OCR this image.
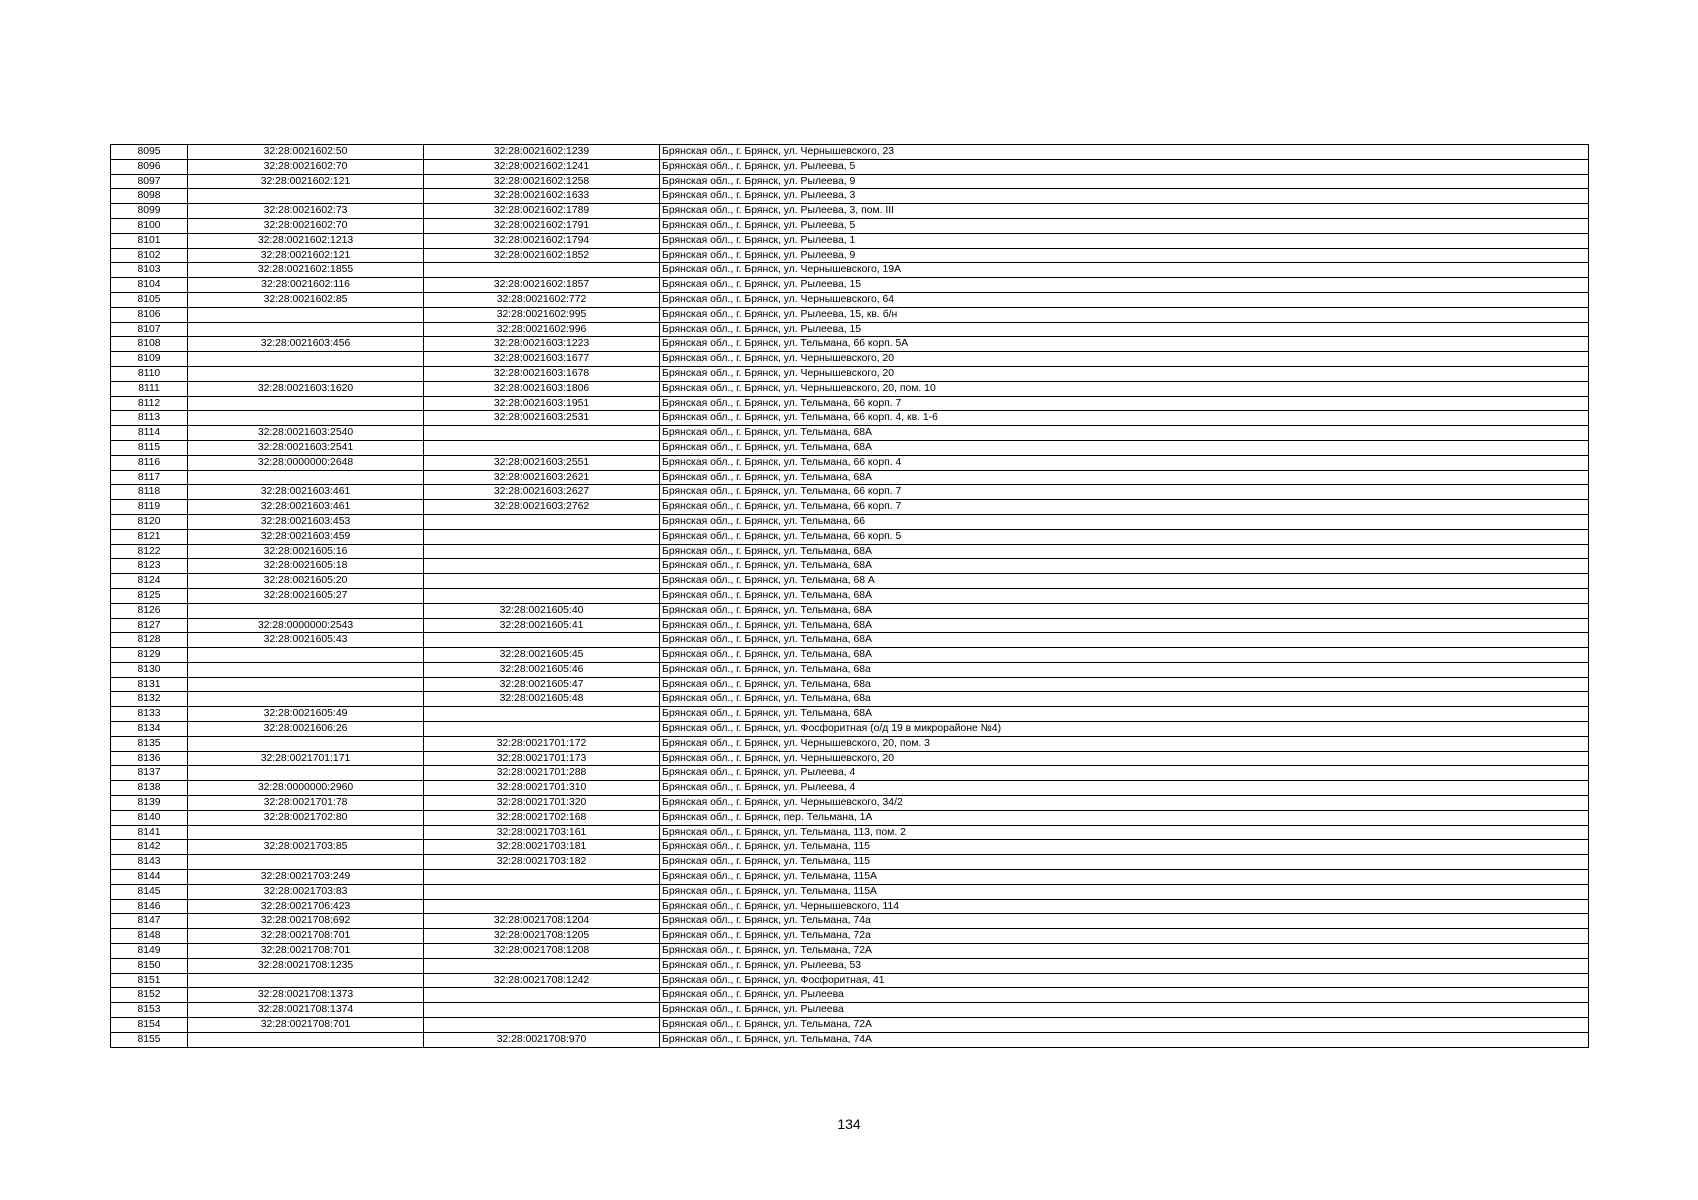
8095	32:28:0021602:50	32:28:0021602:1239	Брянская обл., г. Брянск, ул. Чернышевского, 23
8096	32:28:0021602:70	32:28:0021602:1241	Брянская обл., г. Брянск, ул. Рылеева, 5
8097	32:28:0021602:121	32:28:0021602:1258	Брянская обл., г. Брянск, ул. Рылеева, 9
8098		32:28:0021602:1633	Брянская обл., г. Брянск, ул. Рылеева, 3
8099	32:28:0021602:73	32:28:0021602:1789	Брянская обл., г. Брянск, ул. Рылеева, 3, пом. III
8100	32:28:0021602:70	32:28:0021602:1791	Брянская обл., г. Брянск, ул. Рылеева, 5
8101	32:28:0021602:1213	32:28:0021602:1794	Брянская обл., г. Брянск, ул. Рылеева, 1
8102	32:28:0021602:121	32:28:0021602:1852	Брянская обл., г. Брянск, ул. Рылеева, 9
8103	32:28:0021602:1855		Брянская обл., г. Брянск, ул. Чернышевского, 19А
8104	32:28:0021602:116	32:28:0021602:1857	Брянская обл., г. Брянск, ул. Рылеева, 15
8105	32:28:0021602:85	32:28:0021602:772	Брянская обл., г. Брянск, ул. Чернышевского, 64
8106		32:28:0021602:995	Брянская обл., г. Брянск, ул. Рылеева, 15, кв. б/н
8107		32:28:0021602:996	Брянская обл., г. Брянск, ул. Рылеева, 15
8108	32:28:0021603:456	32:28:0021603:1223	Брянская обл., г. Брянск, ул. Тельмана, 66 корп. 5А
8109		32:28:0021603:1677	Брянская обл., г. Брянск, ул. Чернышевского, 20
8110		32:28:0021603:1678	Брянская обл., г. Брянск, ул. Чернышевского, 20
8111	32:28:0021603:1620	32:28:0021603:1806	Брянская обл., г. Брянск, ул. Чернышевского, 20, пом. 10
8112		32:28:0021603:1951	Брянская обл., г. Брянск, ул. Тельмана, 66 корп. 7
8113		32:28:0021603:2531	Брянская обл., г. Брянск, ул. Тельмана, 66 корп. 4, кв. 1-6
8114	32:28:0021603:2540		Брянская обл., г. Брянск, ул. Тельмана, 68А
8115	32:28:0021603:2541		Брянская обл., г. Брянск, ул. Тельмана, 68А
8116	32:28:0000000:2648	32:28:0021603:2551	Брянская обл., г. Брянск, ул. Тельмана, 66 корп. 4
8117		32:28:0021603:2621	Брянская обл., г. Брянск, ул. Тельмана, 68А
8118	32:28:0021603:461	32:28:0021603:2627	Брянская обл., г. Брянск, ул. Тельмана, 66 корп. 7
8119	32:28:0021603:461	32:28:0021603:2762	Брянская обл., г. Брянск, ул. Тельмана, 66 корп. 7
8120	32:28:0021603:453		Брянская обл., г. Брянск, ул. Тельмана, 66
8121	32:28:0021603:459		Брянская обл., г. Брянск, ул. Тельмана, 66 корп. 5
8122	32:28:0021605:16		Брянская обл., г. Брянск, ул. Тельмана, 68А
8123	32:28:0021605:18		Брянская обл., г. Брянск, ул. Тельмана, 68А
8124	32:28:0021605:20		Брянская обл., г. Брянск, ул. Тельмана, 68 А
8125	32:28:0021605:27		Брянская обл., г. Брянск, ул. Тельмана, 68А
8126		32:28:0021605:40	Брянская обл., г. Брянск, ул. Тельмана, 68А
8127	32:28:0000000:2543	32:28:0021605:41	Брянская обл., г. Брянск, ул. Тельмана, 68А
8128	32:28:0021605:43		Брянская обл., г. Брянск, ул. Тельмана, 68А
8129		32:28:0021605:45	Брянская обл., г. Брянск, ул. Тельмана, 68А
8130		32:28:0021605:46	Брянская обл., г. Брянск, ул. Тельмана, 68а
8131		32:28:0021605:47	Брянская обл., г. Брянск, ул. Тельмана, 68а
8132		32:28:0021605:48	Брянская обл., г. Брянск, ул. Тельмана, 68а
8133	32:28:0021605:49		Брянская обл., г. Брянск, ул. Тельмана, 68А
8134	32:28:0021606:26		Брянская обл., г. Брянск, ул. Фосфоритная (о/д 19 в микрорайоне №4)
8135		32:28:0021701:172	Брянская обл., г. Брянск, ул. Чернышевского, 20, пом. 3
8136	32:28:0021701:171	32:28:0021701:173	Брянская обл., г. Брянск, ул. Чернышевского, 20
8137		32:28:0021701:288	Брянская обл., г. Брянск, ул. Рылеева, 4
8138	32:28:0000000:2960	32:28:0021701:310	Брянская обл., г. Брянск, ул. Рылеева, 4
8139	32:28:0021701:78	32:28:0021701:320	Брянская обл., г. Брянск, ул. Чернышевского, 34/2
8140	32:28:0021702:80	32:28:0021702:168	Брянская обл., г. Брянск, пер. Тельмана, 1А
8141		32:28:0021703:161	Брянская обл., г. Брянск, ул. Тельмана, 113, пом. 2
8142	32:28:0021703:85	32:28:0021703:181	Брянская обл., г. Брянск, ул. Тельмана, 115
8143		32:28:0021703:182	Брянская обл., г. Брянск, ул. Тельмана, 115
8144	32:28:0021703:249		Брянская обл., г. Брянск, ул. Тельмана, 115А
8145	32:28:0021703:83		Брянская обл., г. Брянск, ул. Тельмана, 115А
8146	32:28:0021706:423		Брянская обл., г. Брянск, ул. Чернышевского, 114
8147	32:28:0021708:692	32:28:0021708:1204	Брянская обл., г. Брянск, ул. Тельмана, 74а
8148	32:28:0021708:701	32:28:0021708:1205	Брянская обл., г. Брянск, ул. Тельмана, 72а
8149	32:28:0021708:701	32:28:0021708:1208	Брянская обл., г. Брянск, ул. Тельмана, 72А
8150	32:28:0021708:1235		Брянская обл., г. Брянск, ул. Рылеева, 53
8151		32:28:0021708:1242	Брянская обл., г. Брянск, ул. Фосфоритная, 41
8152	32:28:0021708:1373		Брянская обл., г. Брянск, ул. Рылеева
8153	32:28:0021708:1374		Брянская обл., г. Брянск, ул. Рылеева
8154	32:28:0021708:701		Брянская обл., г. Брянск, ул. Тельмана, 72А
8155		32:28:0021708:970	Брянская обл., г. Брянск, ул. Тельмана, 74А
134
